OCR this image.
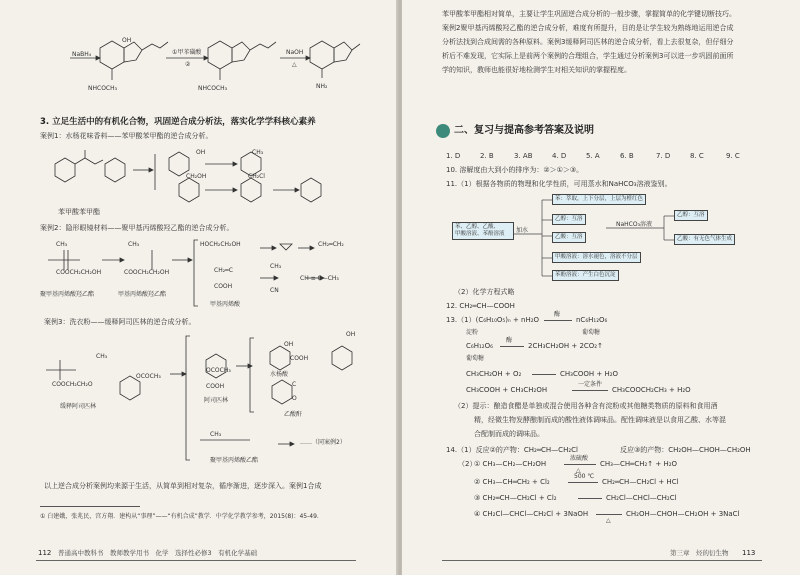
NaBH₄	①甲苯磺酸
②
NaOH
△
NHCOCH₃	NHCOCH₃	NH₂
OH
3. 立足生活中的有机化合物，巩固逆合成分析法，落实化学学科核心素养
案例1：水杨花味香料——苯甲酸苯甲酯的逆合成分析。
OH	CH₃
CH₂Cl
CH₂OH
苯甲酸苯甲酯
案例2：隐形眼镜材料——聚甲基丙烯酸羟乙酯的逆合成分析。
CH₃
COOCH₂CH₂OH
CH₃
COOCH₂CH₂OH
HOCH₂CH₂OH	CH₂═CH₂
CH₂═C
COOH
CH₃
CN
CH ≡ C—CH₃
聚甲基丙烯酸羟乙酯	甲基丙烯酸羟乙酯
甲基丙烯酸
案例3：洗衣粉——缓释阿司匹林的逆合成分析。
CH₃
COOCH₂CH₂O
OCOCH₃
OCOCH₃
COOH
OH
COOH
OH
水杨酸
C
O
乙酸酐
阿司匹林
缓释阿司匹林
CH₃
……（同案例2）
聚甲基丙烯酸乙酯
以上逆合成分析案例均来源于生活，从简单到相对复杂，循序渐进，逐步深入。案例1合成
① 白建娥，张兆民，宫方翔．建构从“事理”——“有机合成”教学．中学化学教学参考，2015(8)：45-49.
112 普通高中教科书　教师教学用书　化学　选择性必修3　有机化学基础
苯甲酸苯甲酯相对简单，主要让学生巩固逆合成分析的一般步骤，掌握简单的化学键切断技巧。
案例2聚甲基丙烯酸羟乙酯的逆合成分析，难度有所提升，目的是让学生较为熟练地运用逆合成
分析法找到合成间需的各种原料。案例3缓释阿司匹林的逆合成分析，看上去很复杂，但仔细分
析后不难发现，它实际上是前两个案例的合理组合，学生通过分析案例3可以进一步巩固前面所
学的知识，教师也能很好地检测学生对相关知识的掌握程度。
二、复习与提高参考答案及说明
1. D	2. B	3. AB	4. D	5. A	6. B	7. D	8. C	9. C
10. 溶解度由大到小的排序为：②＞①＞③。
11.（1）根据各物质的物理和化学性质，可用蒸水和NaHCO₃溶液鉴别。
苯、乙醇、乙酸、
甲酸溶液、苯酚溶液	加水
苯：萃取，上下分层，上层为橙红色
乙醇：互溶
乙酸：互溶
NaHCO₃溶液
乙醇：互溶
乙酸：有无色气体生成
甲酸溶液：溶水褪色，溶液不分层
苯酚溶液：产生白色沉淀
（2）化学方程式略
12. CH₂═CH—COOH
13.（1）(C₆H₁₀O₅)ₙ + nH₂O
酶
nC₆H₁₂O₆
淀粉	葡萄糖
C₆H₁₂O₆
酶
2CH₃CH₂OH + 2CO₂↑
葡萄糖
CH₃CH₂OH + O₂	CH₃COOH + H₂O
CH₃COOH + CH₃CH₂OH
一定条件
CH₃COOCH₂CH₃ + H₂O
（2）提示：酿造食醋是单独或混合使用各种含有淀粉或其他糖类物质的原料和食用酒
精，经微生物发酵酿制而成的酸性液体调味品。配性调味液是以食用乙酸、水等混
合配制而成的调味品。
14.（1）反应②的产物：CH₂═CH—CH₂Cl	反应③的产物：CH₂OH—CHOH—CH₂OH
（2）
① CH₃—CH₂—CH₂OH
浓硫酸
△
CH₃—CH═CH₂↑ + H₂O
② CH₃—CH═CH₂ + Cl₂
500 ℃
CH₂═CH—CH₂Cl + HCl
③ CH₂═CH—CH₂Cl + Cl₂	CH₂Cl—CHCl—CH₂Cl
④ CH₂Cl—CHCl—CH₂Cl + 3NaOH
△
CH₂OH—CHOH—CH₂OH + 3NaCl
第三章　烃的衍生物 113
